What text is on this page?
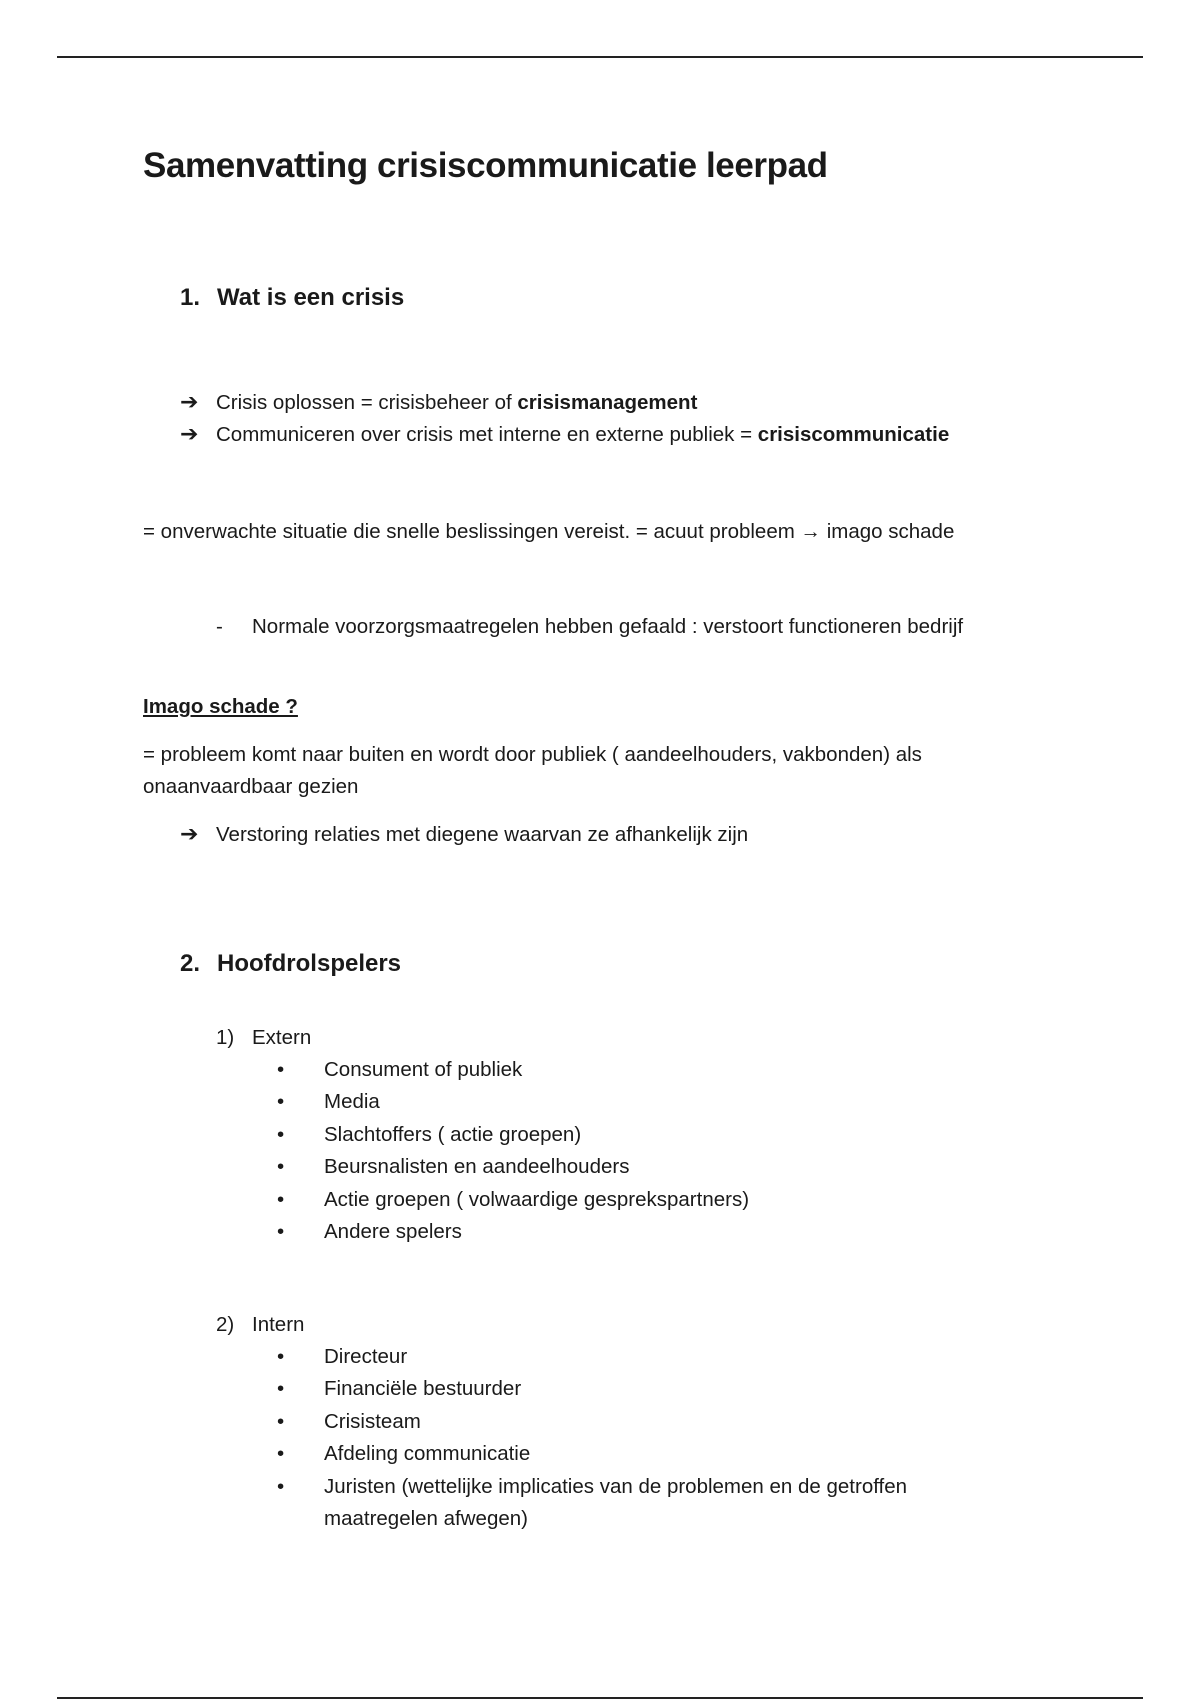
Samenvatting crisiscommunicatie leerpad
1. Wat is een crisis
➔ Crisis oplossen = crisisbeheer of crisismanagement
➔ Communiceren over crisis met interne en externe publiek = crisiscommunicatie
= onverwachte situatie die snelle beslissingen vereist. = acuut probleem → imago schade
- Normale voorzorgsmaatregelen hebben gefaald : verstoort functioneren bedrijf
Imago schade ?
= probleem komt naar buiten en wordt door publiek ( aandeelhouders, vakbonden) als
onaanvaardbaar gezien
➔ Verstoring relaties met diegene waarvan ze afhankelijk zijn
2. Hoofdrolspelers
1) Extern
• Consument of publiek
• Media
• Slachtoffers ( actie groepen)
• Beursnalisten en aandeelhouders
• Actie groepen ( volwaardige gesprekspartners)
• Andere spelers
2) Intern
• Directeur
• Financiële bestuurder
• Crisisteam
• Afdeling communicatie
• Juristen (wettelijke implicaties van de problemen en de getroffen
maatregelen afwegen)
